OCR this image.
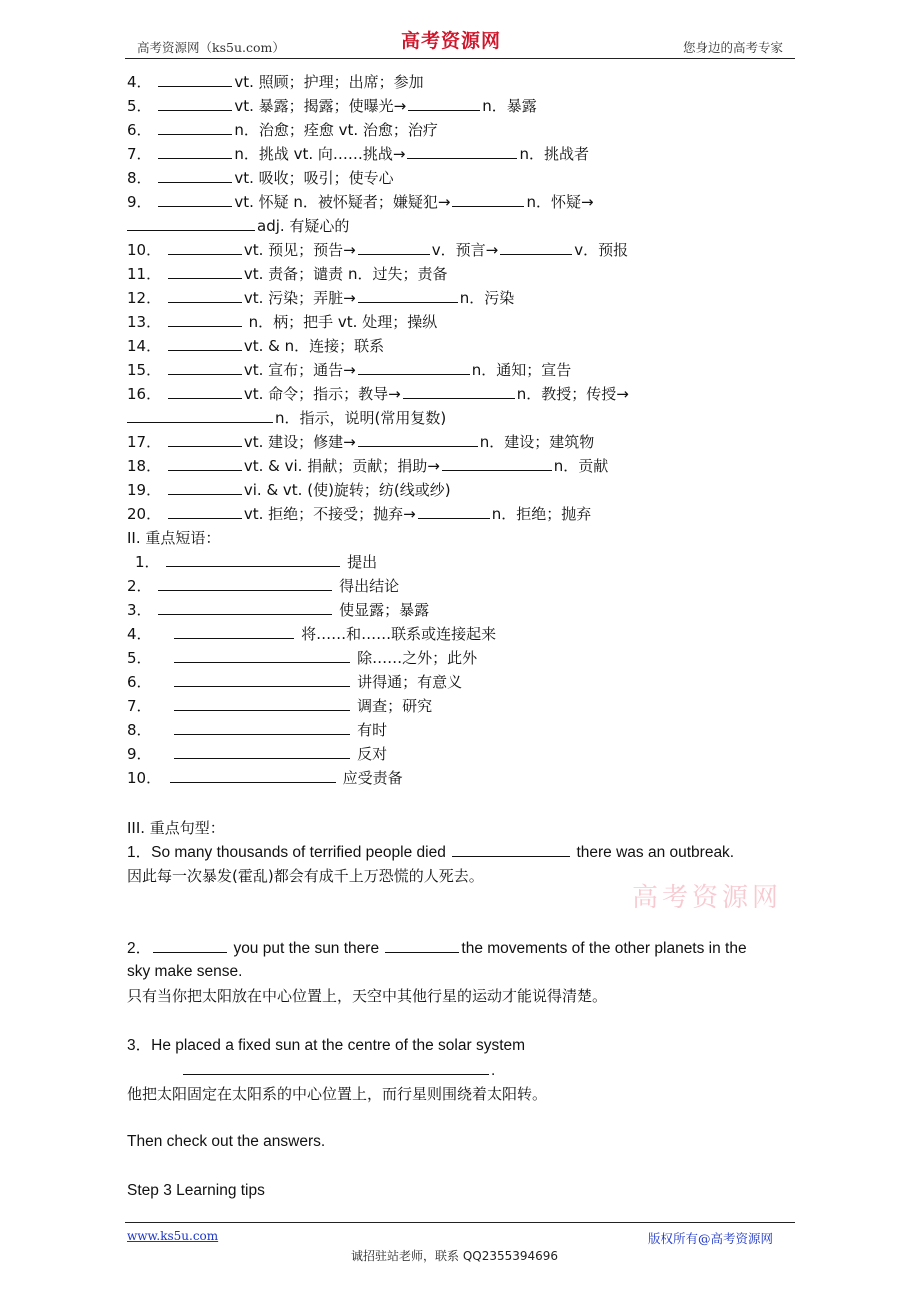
高考资源网（ks5u.com）	高考资源网	您身边的高考专家
4．	vt. 照顾；护理；出席；参加
5．	vt. 暴露；揭露；使曝光→	n．暴露
6．	n．治愈；痊愈 vt. 治愈；治疗
7．	n．挑战 vt. 向……挑战→	n．挑战者
8．	vt. 吸收；吸引；使专心
9．	vt. 怀疑 n．被怀疑者；嫌疑犯→	n．怀疑→
adj. 有疑心的
10．	vt. 预见；预告→	v．预言→	v．预报
11．	vt. 责备；谴责 n．过失；责备
12．	vt. 污染；弄脏→	n．污染
13．	n．柄；把手 vt. 处理；操纵
14．	vt. & n．连接；联系
15．	vt. 宣布；通告→	n．通知；宣告
16．	vt. 命令；指示；教导→	n．教授；传授→
n．指示，说明(常用复数)
17．	vt. 建设；修建→	n．建设；建筑物
18．	vt. & vi. 捐献；贡献；捐助→	n．贡献
19．	vi. & vt. (使)旋转；纺(线或纱)
20．	vt. 拒绝；不接受；抛弃→	n．拒绝；抛弃
II. 重点短语：
1．	提出
2．	得出结论
3．	使显露；暴露
4．	将……和……联系或连接起来
5．	除……之外；此外
6．	讲得通；有意义
7．	调查；研究
8．	有时
9．	反对
10．	应受责备
III. 重点句型：
1．So many thousands of terrified people died	there was an outbreak.
因此每一次暴发(霍乱)都会有成千上万恐慌的人死去。
2．	you put the sun there	the movements of the other planets in the
sky make sense.
只有当你把太阳放在中心位置上，天空中其他行星的运动才能说得清楚。
3．He placed a fixed sun at the centre of the solar system
.
他把太阳固定在太阳系的中心位置上，而行星则围绕着太阳转。
Then check out the answers.
Step 3 Learning tips
高考资源网
www.ks5u.com	版权所有@高考资源网
诚招驻站老师，联系 QQ2355394696
